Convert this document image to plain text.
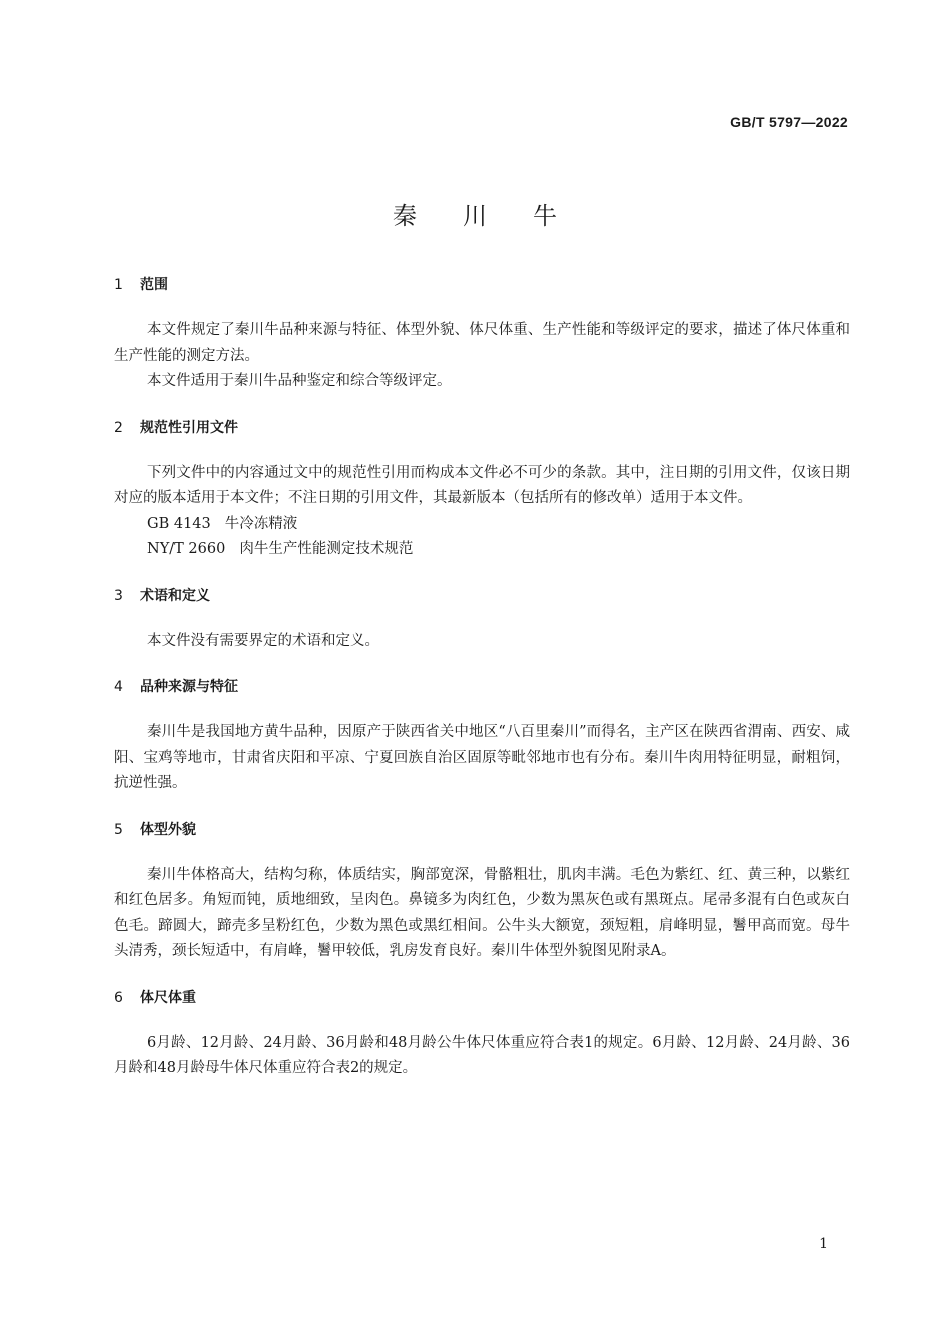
GB/T 5797—2022
秦川牛
1 范围

本文件规定了秦川牛品种来源与特征、体型外貌、体尺体重、生产性能和等级评定的要求，描述了体尺体重和生产性能的测定方法。

本文件适用于秦川牛品种鉴定和综合等级评定。

2 规范性引用文件

下列文件中的内容通过文中的规范性引用而构成本文件必不可少的条款。其中，注日期的引用文件，仅该日期对应的版本适用于本文件；不注日期的引用文件，其最新版本（包括所有的修改单）适用于本文件。

GB 4143 牛冷冻精液

NY/T 2660 肉牛生产性能测定技术规范

3 术语和定义

本文件没有需要界定的术语和定义。

4 品种来源与特征

秦川牛是我国地方黄牛品种，因原产于陕西省关中地区“八百里秦川”而得名，主产区在陕西省渭南、西安、咸阳、宝鸡等地市，甘肃省庆阳和平凉、宁夏回族自治区固原等毗邻地市也有分布。秦川牛肉用特征明显，耐粗饲，抗逆性强。

5 体型外貌

秦川牛体格高大，结构匀称，体质结实，胸部宽深，骨骼粗壮，肌肉丰满。毛色为紫红、红、黄三种，以紫红和红色居多。角短而钝，质地细致，呈肉色。鼻镜多为肉红色，少数为黑灰色或有黑斑点。尾帚多混有白色或灰白色毛。蹄圆大，蹄壳多呈粉红色，少数为黑色或黑红相间。公牛头大额宽，颈短粗，肩峰明显，鬐甲高而宽。母牛头清秀，颈长短适中，有肩峰，鬐甲较低，乳房发育良好。秦川牛体型外貌图见附录A。

6 体尺体重

6月龄、12月龄、24月龄、36月龄和48月龄公牛体尺体重应符合表1的规定。6月龄、12月龄、24月龄、36月龄和48月龄母牛体尺体重应符合表2的规定。

1
